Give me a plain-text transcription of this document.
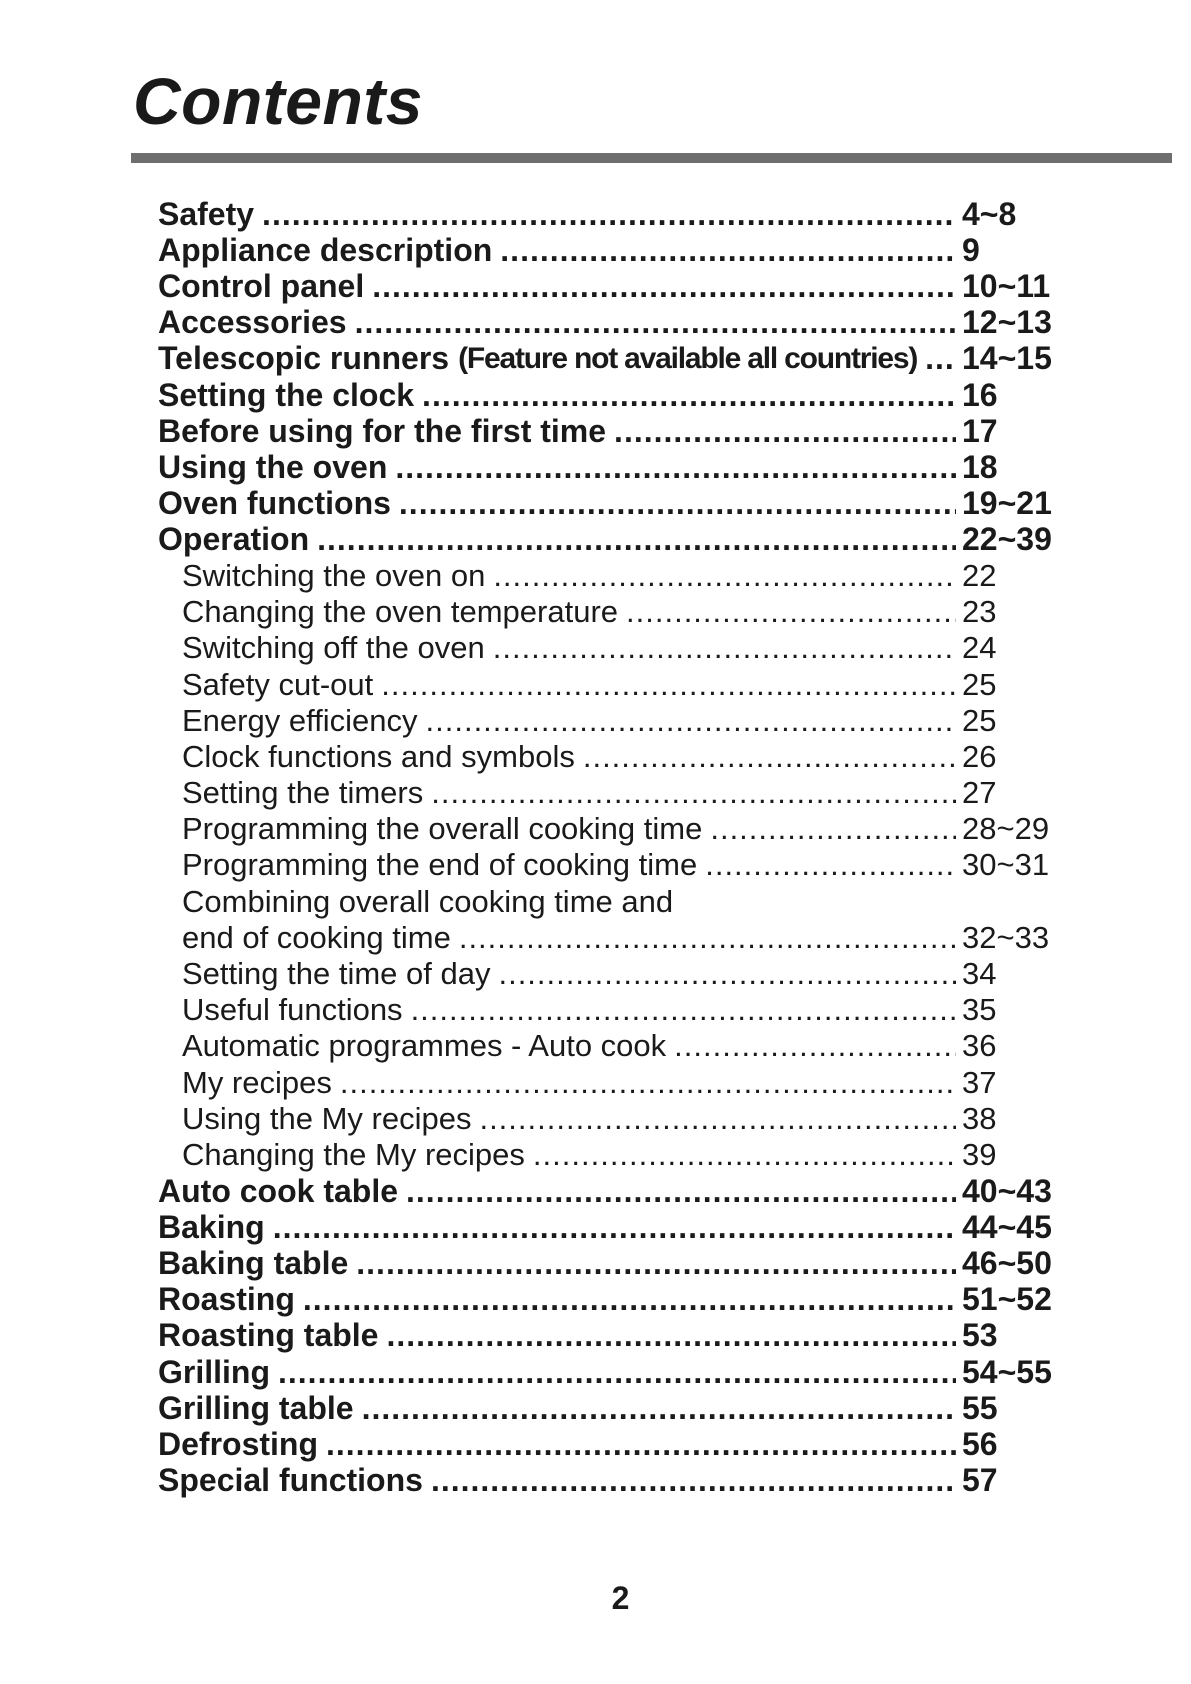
Contents
Safety .....	4~8
Appliance description .....	9
Control panel .....	10~11
Accessories .....	12~13
Telescopic runners (Feature not available all countries) ..... 14~15
Setting the clock .....	16
Before using for the first time .....	17
Using the oven .....	18
Oven functions .....	19~21
Operation .....	22~39
Switching the oven on .....	22
Changing the oven temperature .....	23
Switching off the oven .....	24
Safety cut-out .....	25
Energy efficiency .....	25
Clock functions and symbols .....	26
Setting the timers .....	27
Programming the overall cooking time .....	28~29
Programming the end of cooking time .....	30~31
Combining overall cooking time and
end of cooking time .....	32~33
Setting the time of day .....	34
Useful functions .....	35
Automatic programmes - Auto cook .....	36
My recipes .....	37
Using the My recipes .....	38
Changing the My recipes .....	39
Auto cook table .....	40~43
Baking .....	44~45
Baking table .....	46~50
Roasting .....	51~52
Roasting table .....	53
Grilling .....	54~55
Grilling table .....	55
Defrosting .....	56
Special functions .....	57
2
